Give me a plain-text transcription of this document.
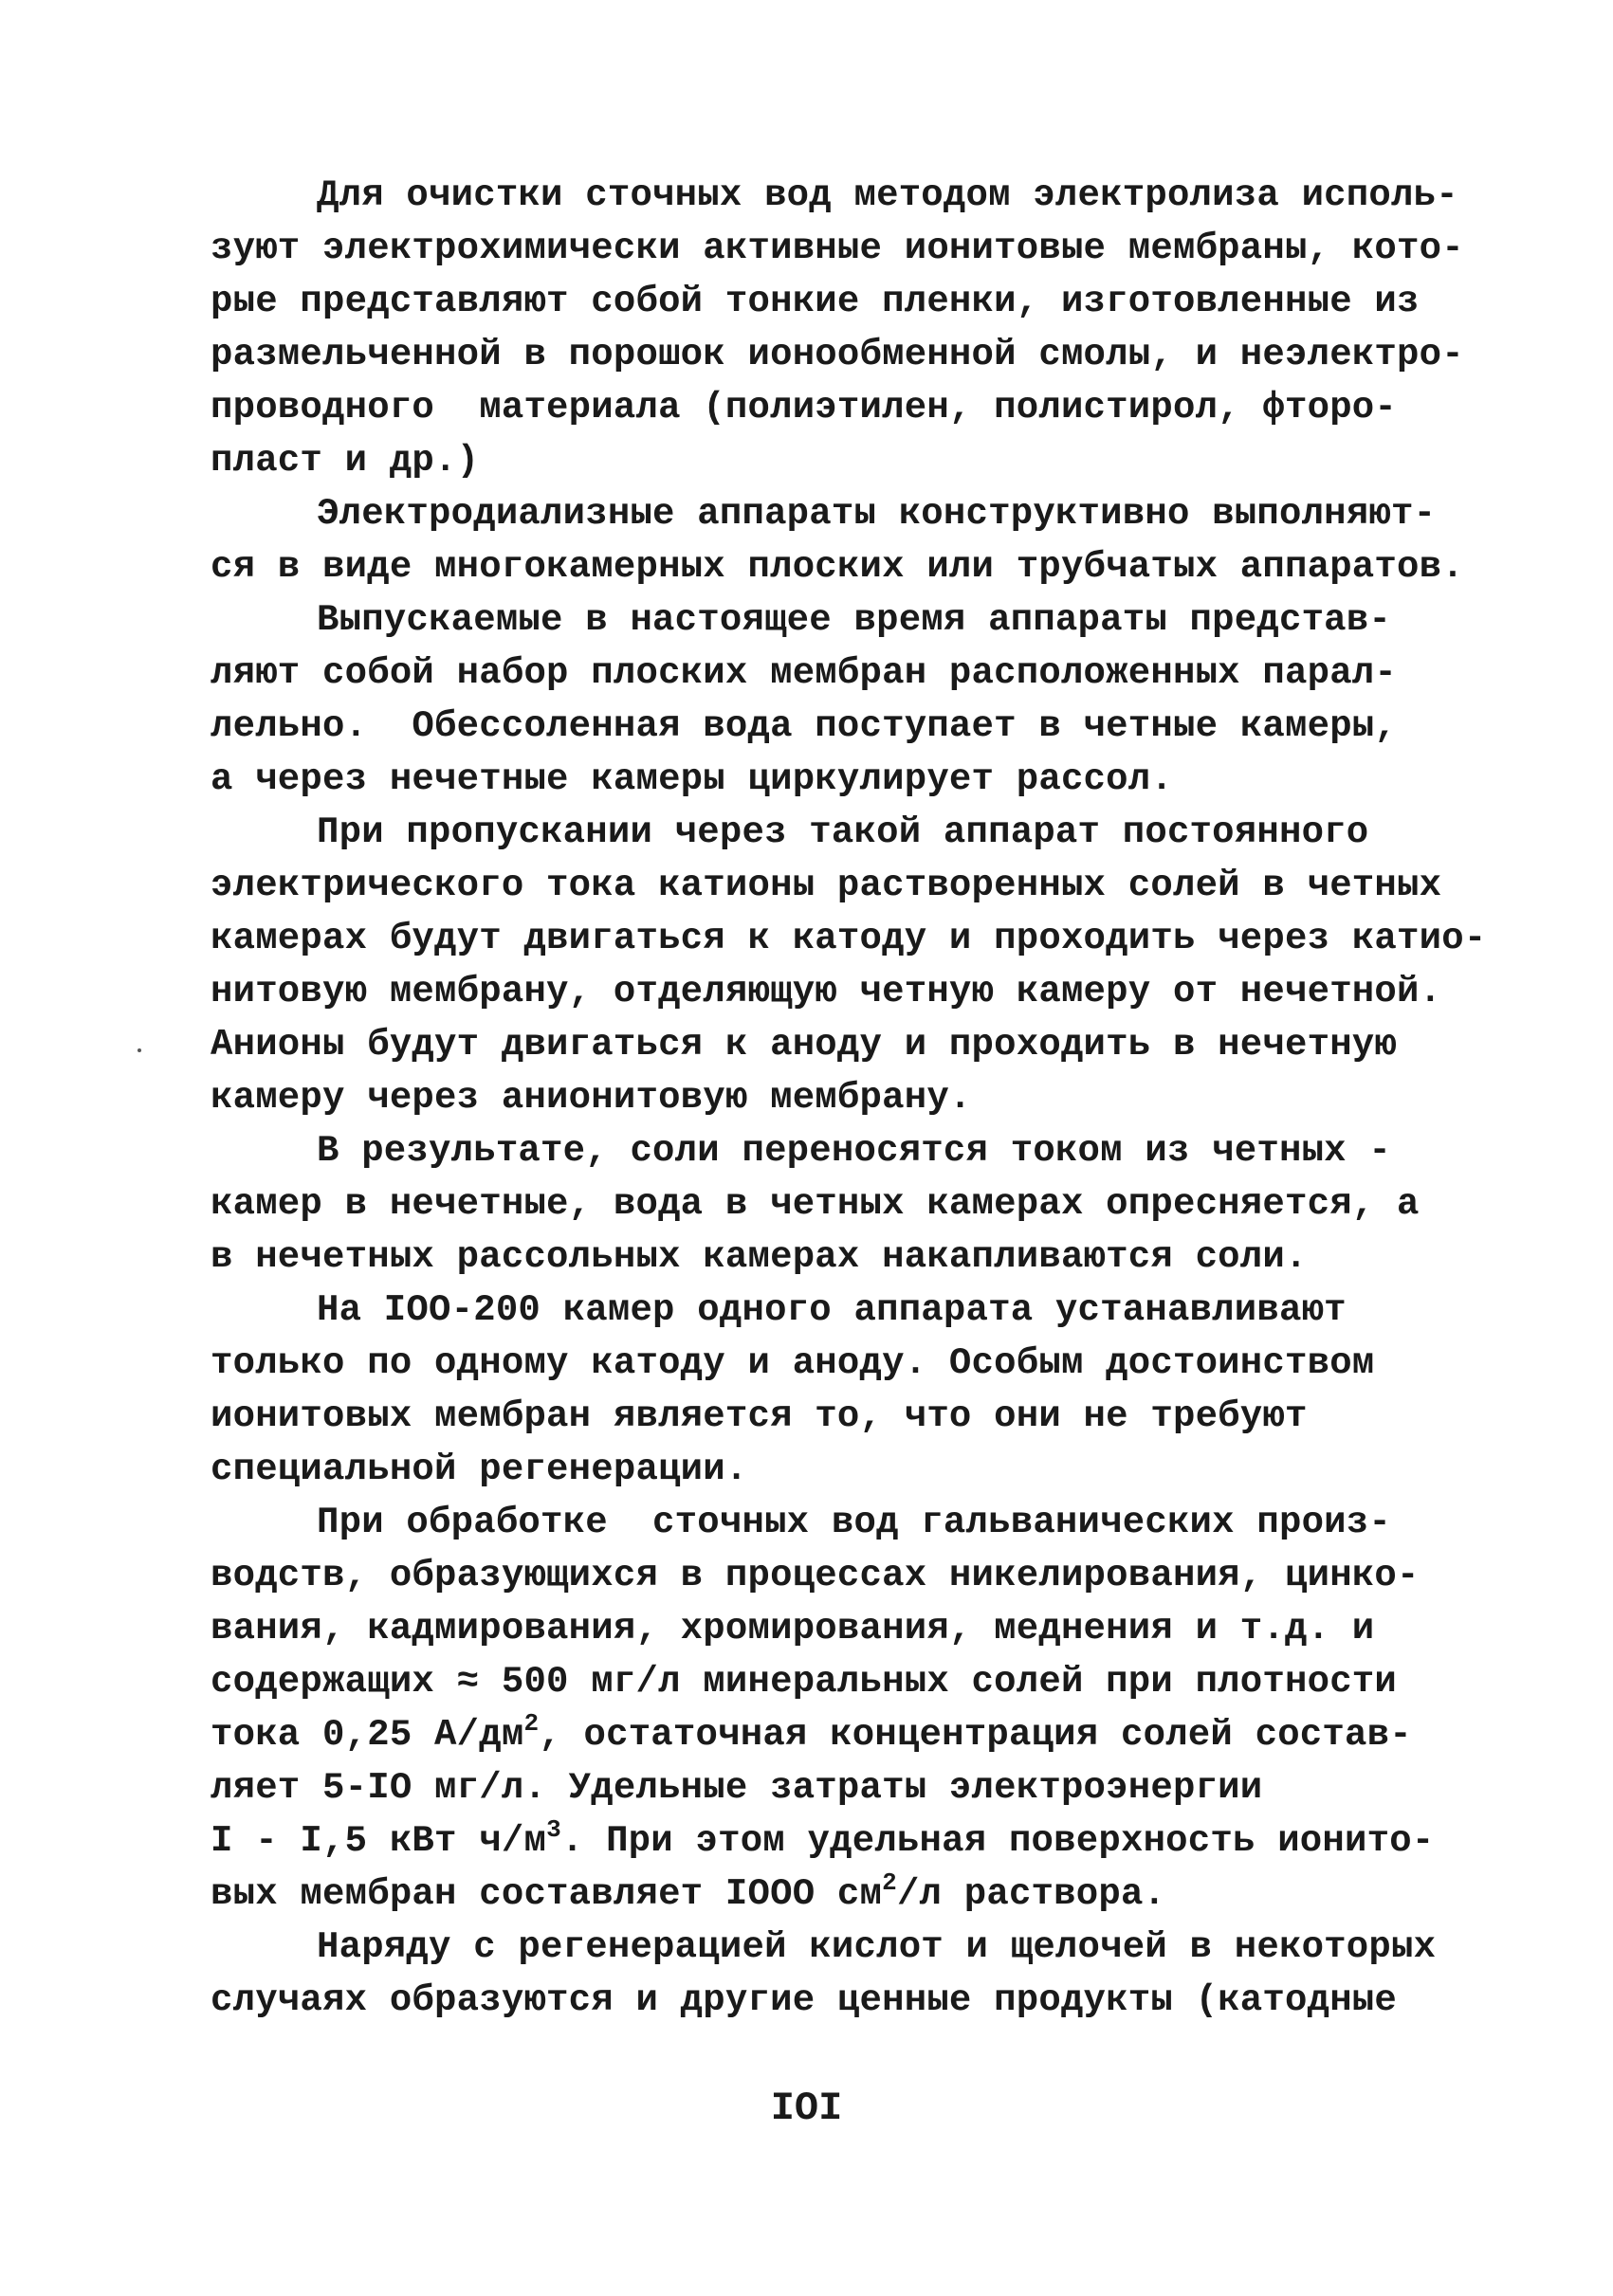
Для очистки сточных вод методом электролиза исполь-
зуют электрохимически активные ионитовые мембраны, кото-
рые представляют собой тонкие пленки, изготовленные из
размельченной в порошок ионообменной смолы, и неэлектро-
проводного  материала (полиэтилен, полистирол, фторо-
пласт и др.)
Электродиализные аппараты конструктивно выполняют-
ся в виде многокамерных плоских или трубчатых аппаратов.
Выпускаемые в настоящее время аппараты представ-
ляют собой набор плоских мембран расположенных парал-
лельно.  Обессоленная вода поступает в четные камеры,
а через нечетные камеры циркулирует рассол.
При пропускании через такой аппарат постоянного
электрического тока катионы растворенных солей в четных
камерах будут двигаться к катоду и проходить через катио-
нитовую мембрану, отделяющую четную камеру от нечетной.
Анионы будут двигаться к аноду и проходить в нечетную
камеру через анионитовую мембрану.
В результате, соли переносятся током из четных -
камер в нечетные, вода в четных камерах опресняется, а
в нечетных рассольных камерах накапливаются соли.
На IOO-200 камер одного аппарата устанавливают
только по одному катоду и аноду. Особым достоинством
ионитовых мембран является то, что они не требуют
специальной регенерации.
При обработке  сточных вод гальванических произ-
водств, образующихся в процессах никелирования, цинко-
вания, кадмирования, хромирования, меднения и т.д. и
содержащих ≈ 500 мг/л минеральных солей при плотности
тока 0,25 $А/дм^2$, остаточная концентрация солей состав-
ляет 5-IO мг/л. Удельные затраты электроэнергии
I - I,5 кВт $ч/м^3$. При этом удельная поверхность ионито-
вых мембран составляет IOOO $см^2/л$ раствора.
Наряду с регенерацией кислот и щелочей в некоторых
случаях образуются и другие ценные продукты (катодные
IOI
